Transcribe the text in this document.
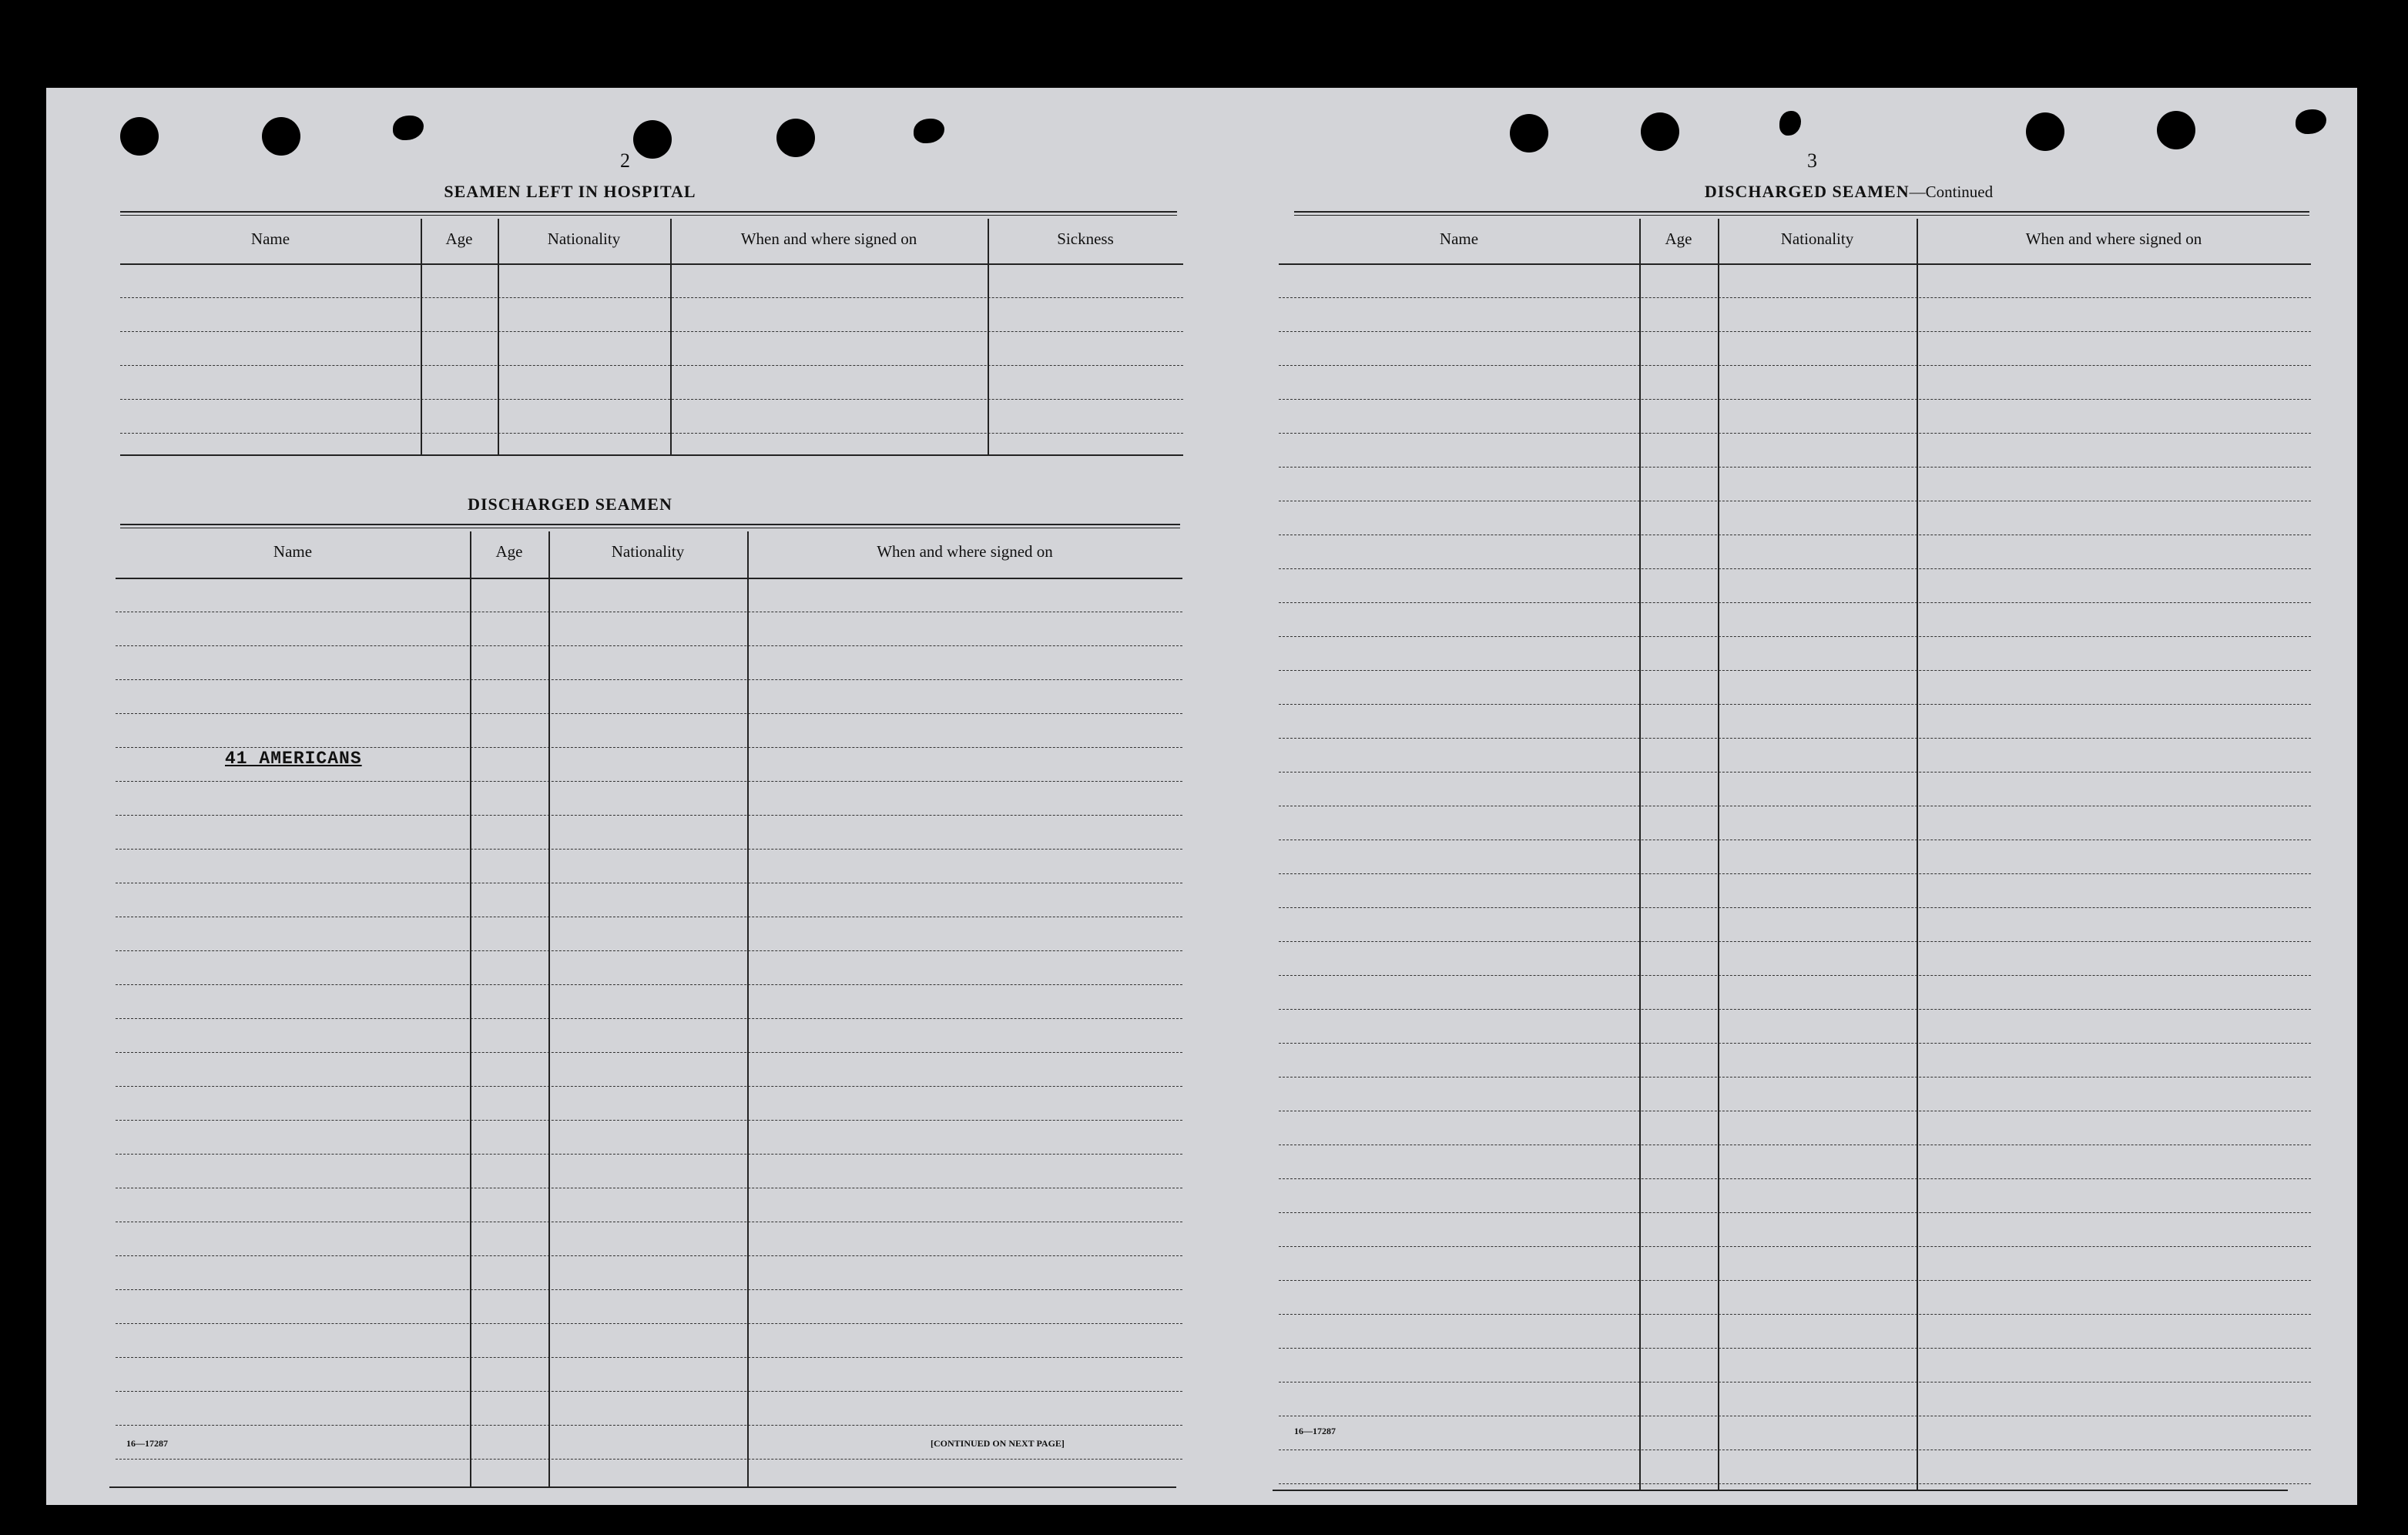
2
SEAMEN LEFT IN HOSPITAL
Name	Age	Nationality	When and where signed on	Sickness
DISCHARGED SEAMEN
Name	Age	Nationality	When and where signed on
41 AMERICANS
16—17287	[CONTINUED ON NEXT PAGE]
3
DISCHARGED SEAMEN—Continued
Name	Age	Nationality	When and where signed on
16—17287
